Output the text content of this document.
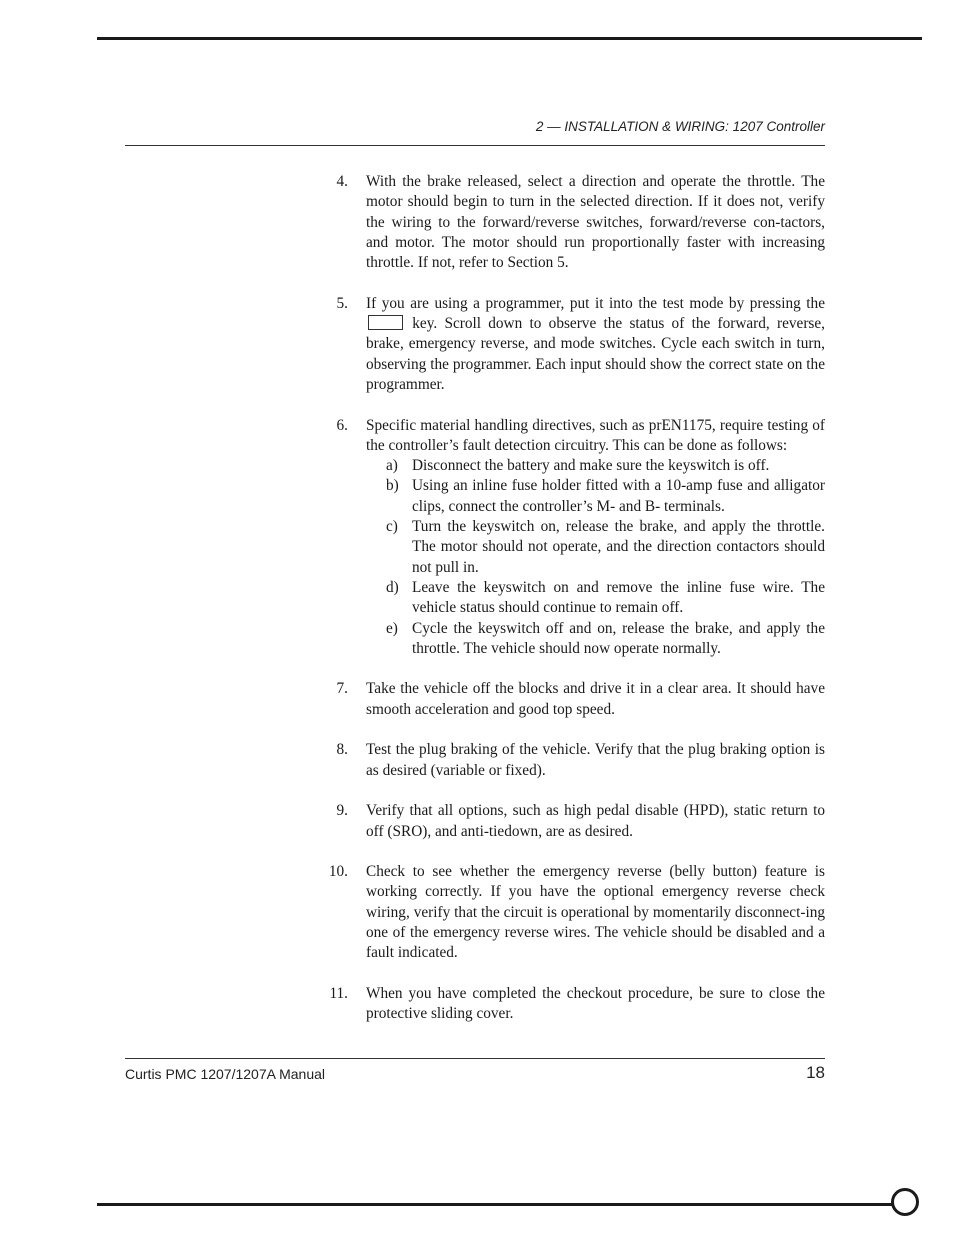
2 — INSTALLATION & WIRING: 1207 Controller
4. With the brake released, select a direction and operate the throttle. The motor should begin to turn in the selected direction. If it does not, verify the wiring to the forward/reverse switches, forward/reverse con-tactors, and motor. The motor should run proportionally faster with increasing throttle. If not, refer to Section 5.
5. If you are using a programmer, put it into the test mode by pressing the  key. Scroll down to observe the status of the forward, reverse, brake, emergency reverse, and mode switches. Cycle each switch in turn, observing the programmer. Each input should show the correct state on the programmer.
6. Specific material handling directives, such as prEN1175, require testing of the controller’s fault detection circuitry. This can be done as follows:
a) Disconnect the battery and make sure the keyswitch is off.
b) Using an inline fuse holder fitted with a 10-amp fuse and alligator clips, connect the controller’s M- and B- terminals.
c) Turn the keyswitch on, release the brake, and apply the throttle. The motor should not operate, and the direction contactors should not pull in.
d) Leave the keyswitch on and remove the inline fuse wire. The vehicle status should continue to remain off.
e) Cycle the keyswitch off and on, release the brake, and apply the throttle. The vehicle should now operate normally.
7. Take the vehicle off the blocks and drive it in a clear area. It should have smooth acceleration and good top speed.
8. Test the plug braking of the vehicle. Verify that the plug braking option is as desired (variable or fixed).
9. Verify that all options, such as high pedal disable (HPD), static return to off (SRO), and anti-tiedown, are as desired.
10. Check to see whether the emergency reverse (belly button) feature is working correctly. If you have the optional emergency reverse check wiring, verify that the circuit is operational by momentarily disconnect-ing one of the emergency reverse wires. The vehicle should be disabled and a fault indicated.
11. When you have completed the checkout procedure, be sure to close the protective sliding cover.
Curtis PMC 1207/1207A Manual	18
